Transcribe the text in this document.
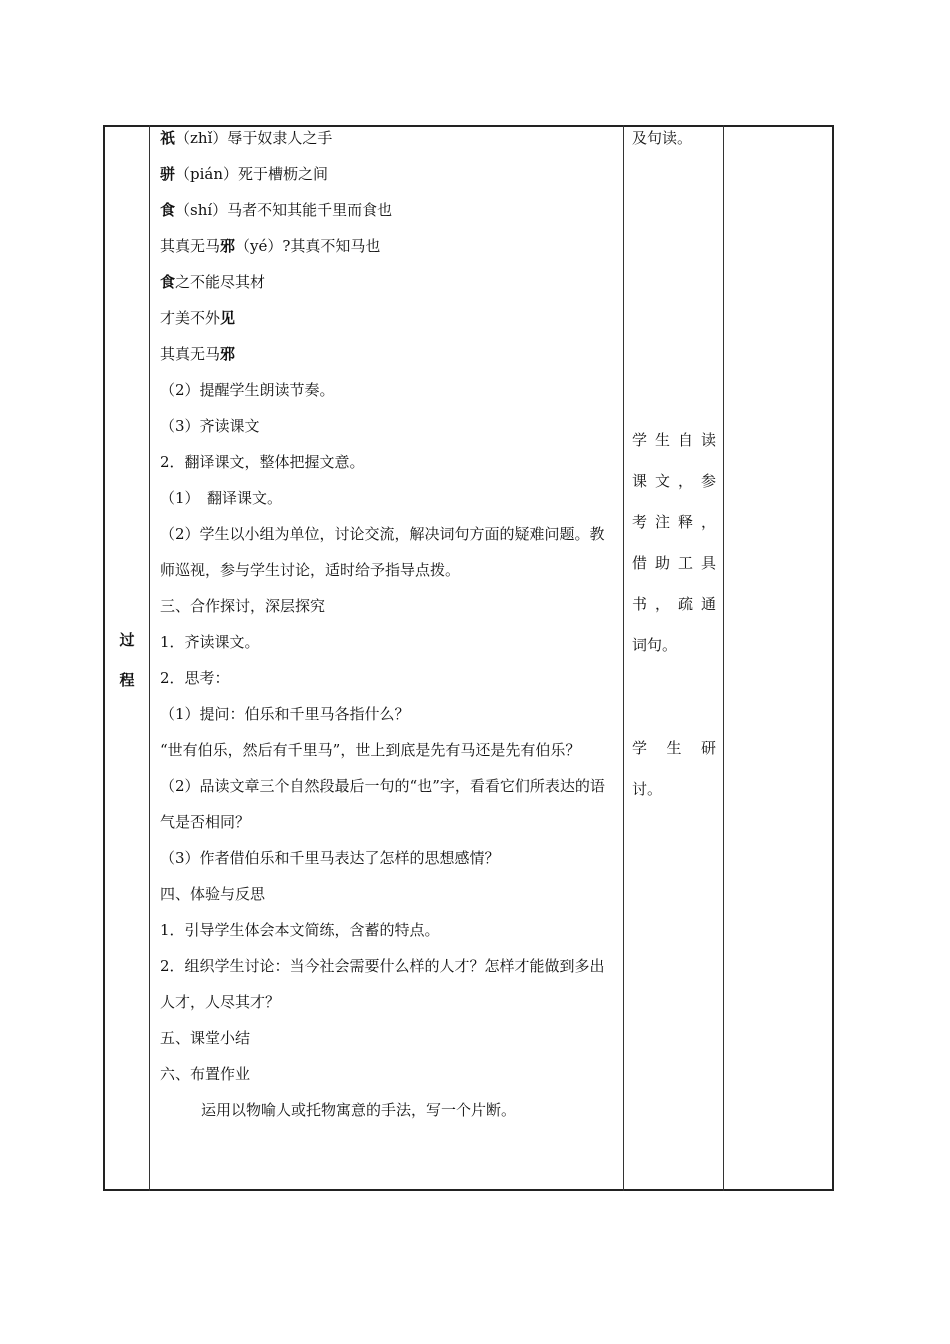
过
程
祇（zhǐ）辱于奴隶人之手
骈（pián）死于槽枥之间
食（shí）马者不知其能千里而食也
其真无马邪（yé）?其真不知马也
食之不能尽其材
才美不外见
其真无马邪
（2）提醒学生朗读节奏。
（3）齐读课文
2．翻译课文，整体把握文意。
（1）　翻译课文。
（2）学生以小组为单位，讨论交流，解决词句方面的疑难问题。教师巡视，参与学生讨论，适时给予指导点拨。
三、合作探讨，深层探究
1．齐读课文。
2．思考：
（1）提问：伯乐和千里马各指什么？
“世有伯乐，然后有千里马”，世上到底是先有马还是先有伯乐？
（2）品读文章三个自然段最后一句的“也”字，看看它们所表达的语气是否相同？
（3）作者借伯乐和千里马表达了怎样的思想感情？
四、体验与反思
1．引导学生体会本文简练，含蓄的特点。
2．组织学生讨论：当今社会需要什么样的人才？怎样才能做到多出人才，人尽其才？
五、课堂小结
六、布置作业
运用以物喻人或托物寓意的手法，写一个片断。
及句读。
学生自读
课文，参
考注释，
借助工具
书，疏通
词句。
学生研
讨。
